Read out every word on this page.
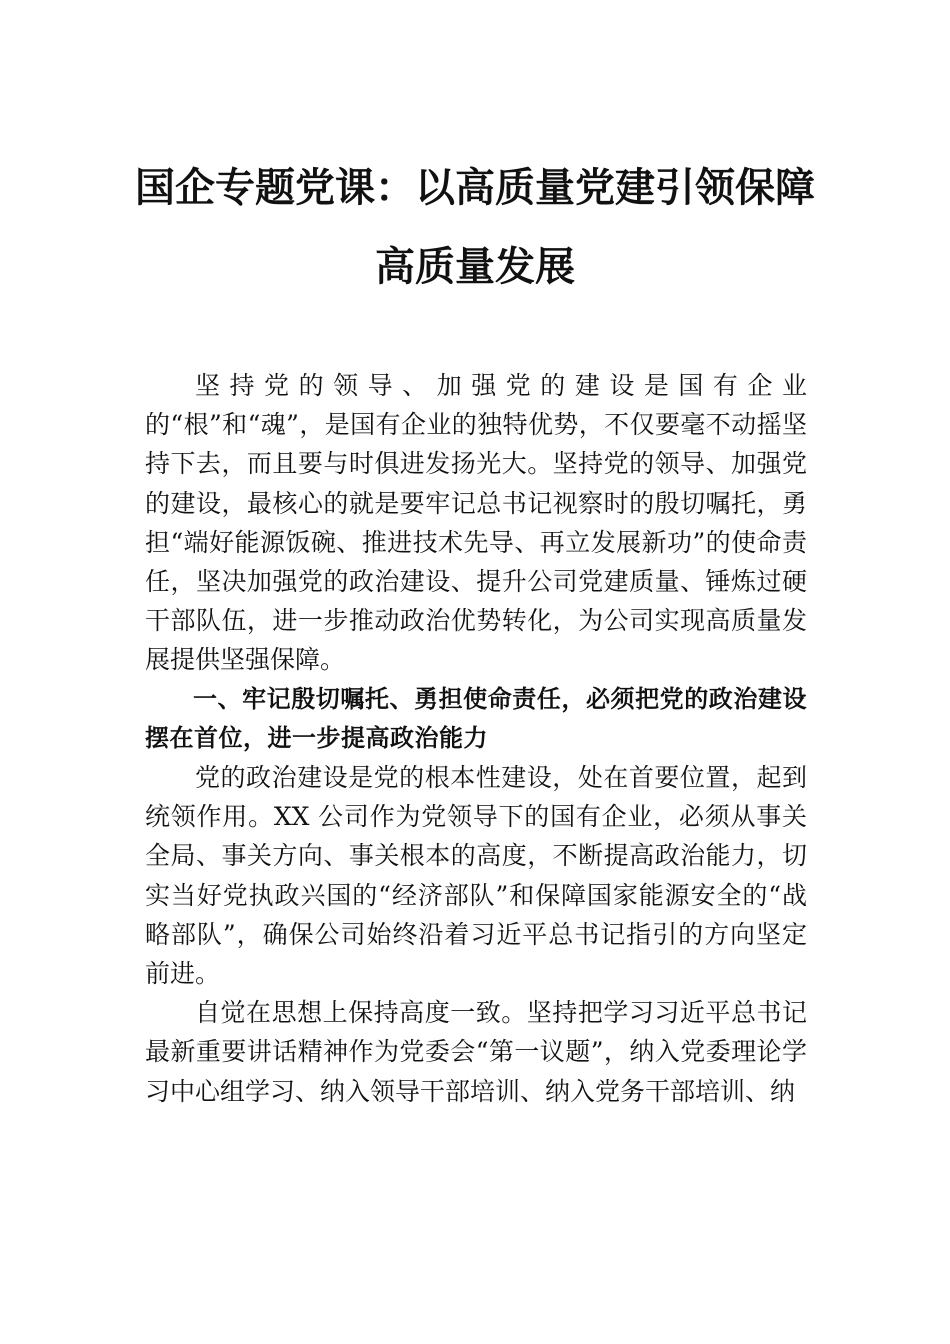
国企专题党课：以高质量党建引领保障高质量发展

坚持党的领导、加强党的建设是国有企业的“根”和“魂”，是国有企业的独特优势，不仅要毫不动摇坚持下去，而且要与时俱进发扬光大。坚持党的领导、加强党的建设，最核心的就是要牢记总书记视察时的殷切嘱托，勇担“端好能源饭碗、推进技术先导、再立发展新功”的使命责任，坚决加强党的政治建设、提升公司党建质量、锤炼过硬干部队伍，进一步推动政治优势转化，为公司实现高质量发展提供坚强保障。

一、牢记殷切嘱托、勇担使命责任，必须把党的政治建设摆在首位，进一步提高政治能力

党的政治建设是党的根本性建设，处在首要位置，起到统领作用。XX 公司作为党领导下的国有企业，必须从事关全局、事关方向、事关根本的高度，不断提高政治能力，切实当好党执政兴国的“经济部队”和保障国家能源安全的“战略部队”，确保公司始终沿着习近平总书记指引的方向坚定前进。

自觉在思想上保持高度一致。坚持把学习习近平总书记最新重要讲话精神作为党委会“第一议题”，纳入党委理论学习中心组学习、纳入领导干部培训、纳入党务干部培训、纳
